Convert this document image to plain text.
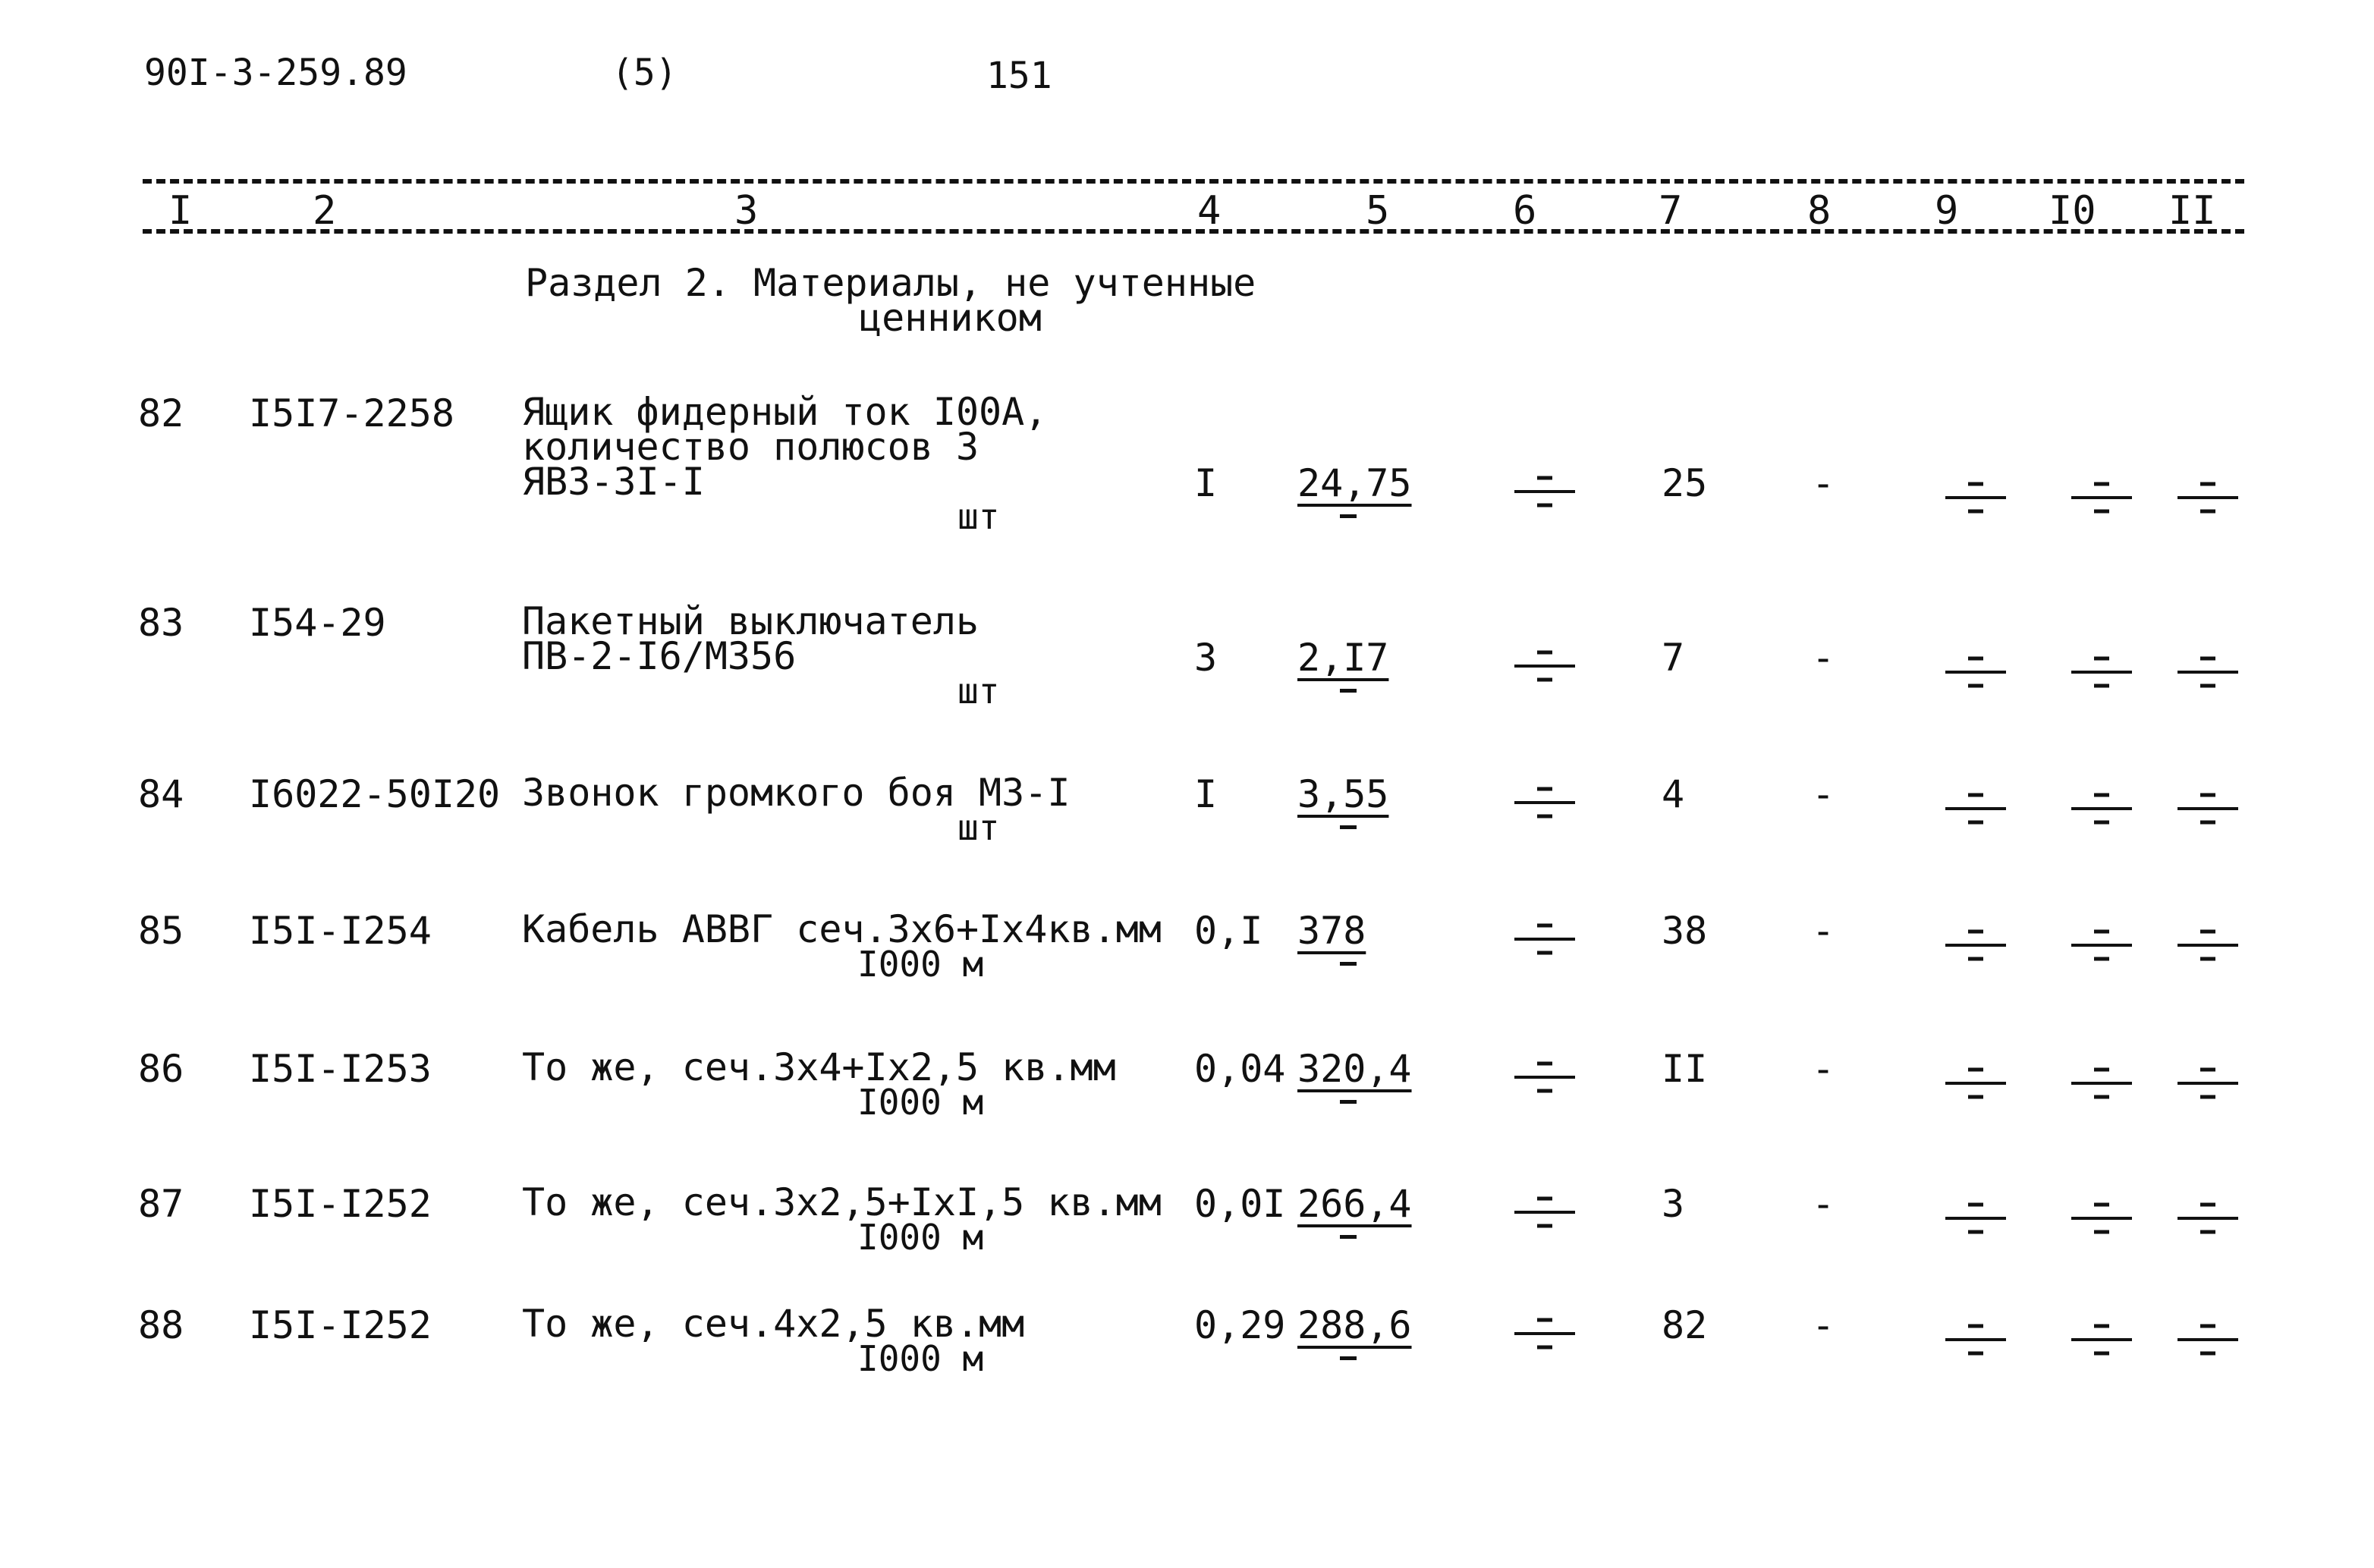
90I-3-259.89	(5)	151
I	2	3	4	5	6	7	8	9 I0 II
Раздел 2. Материалы, не учтенные
ценником
82 I5I7-2258 Ящик фидерный ток I00А,
количество полюсов 3
ЯВЗ-3I-I
шт
I 24,75	25	-
83 I54-29	Пакетный выключатель
ПВ-2-I6/М356
шт
3 2,I7	7	-
84 I6022-50I20 Звонок громкого боя МЗ-I
шт
I 3,55	4	-
85 I5I-I254 Кабель АВВГ сеч.3х6+Iх4кв.мм
I000 м
0,I 378	38	-
86 I5I-I253 То же, сеч.3х4+Iх2,5 кв.мм
I000 м
0,04 320,4	II	-
87 I5I-I252 То же, сеч.3х2,5+IхI,5 кв.мм
I000 м
0,0I 266,4	3	-
88 I5I-I252 То же, сеч.4х2,5 кв.мм
I000 м
0,29 288,6	82	-
